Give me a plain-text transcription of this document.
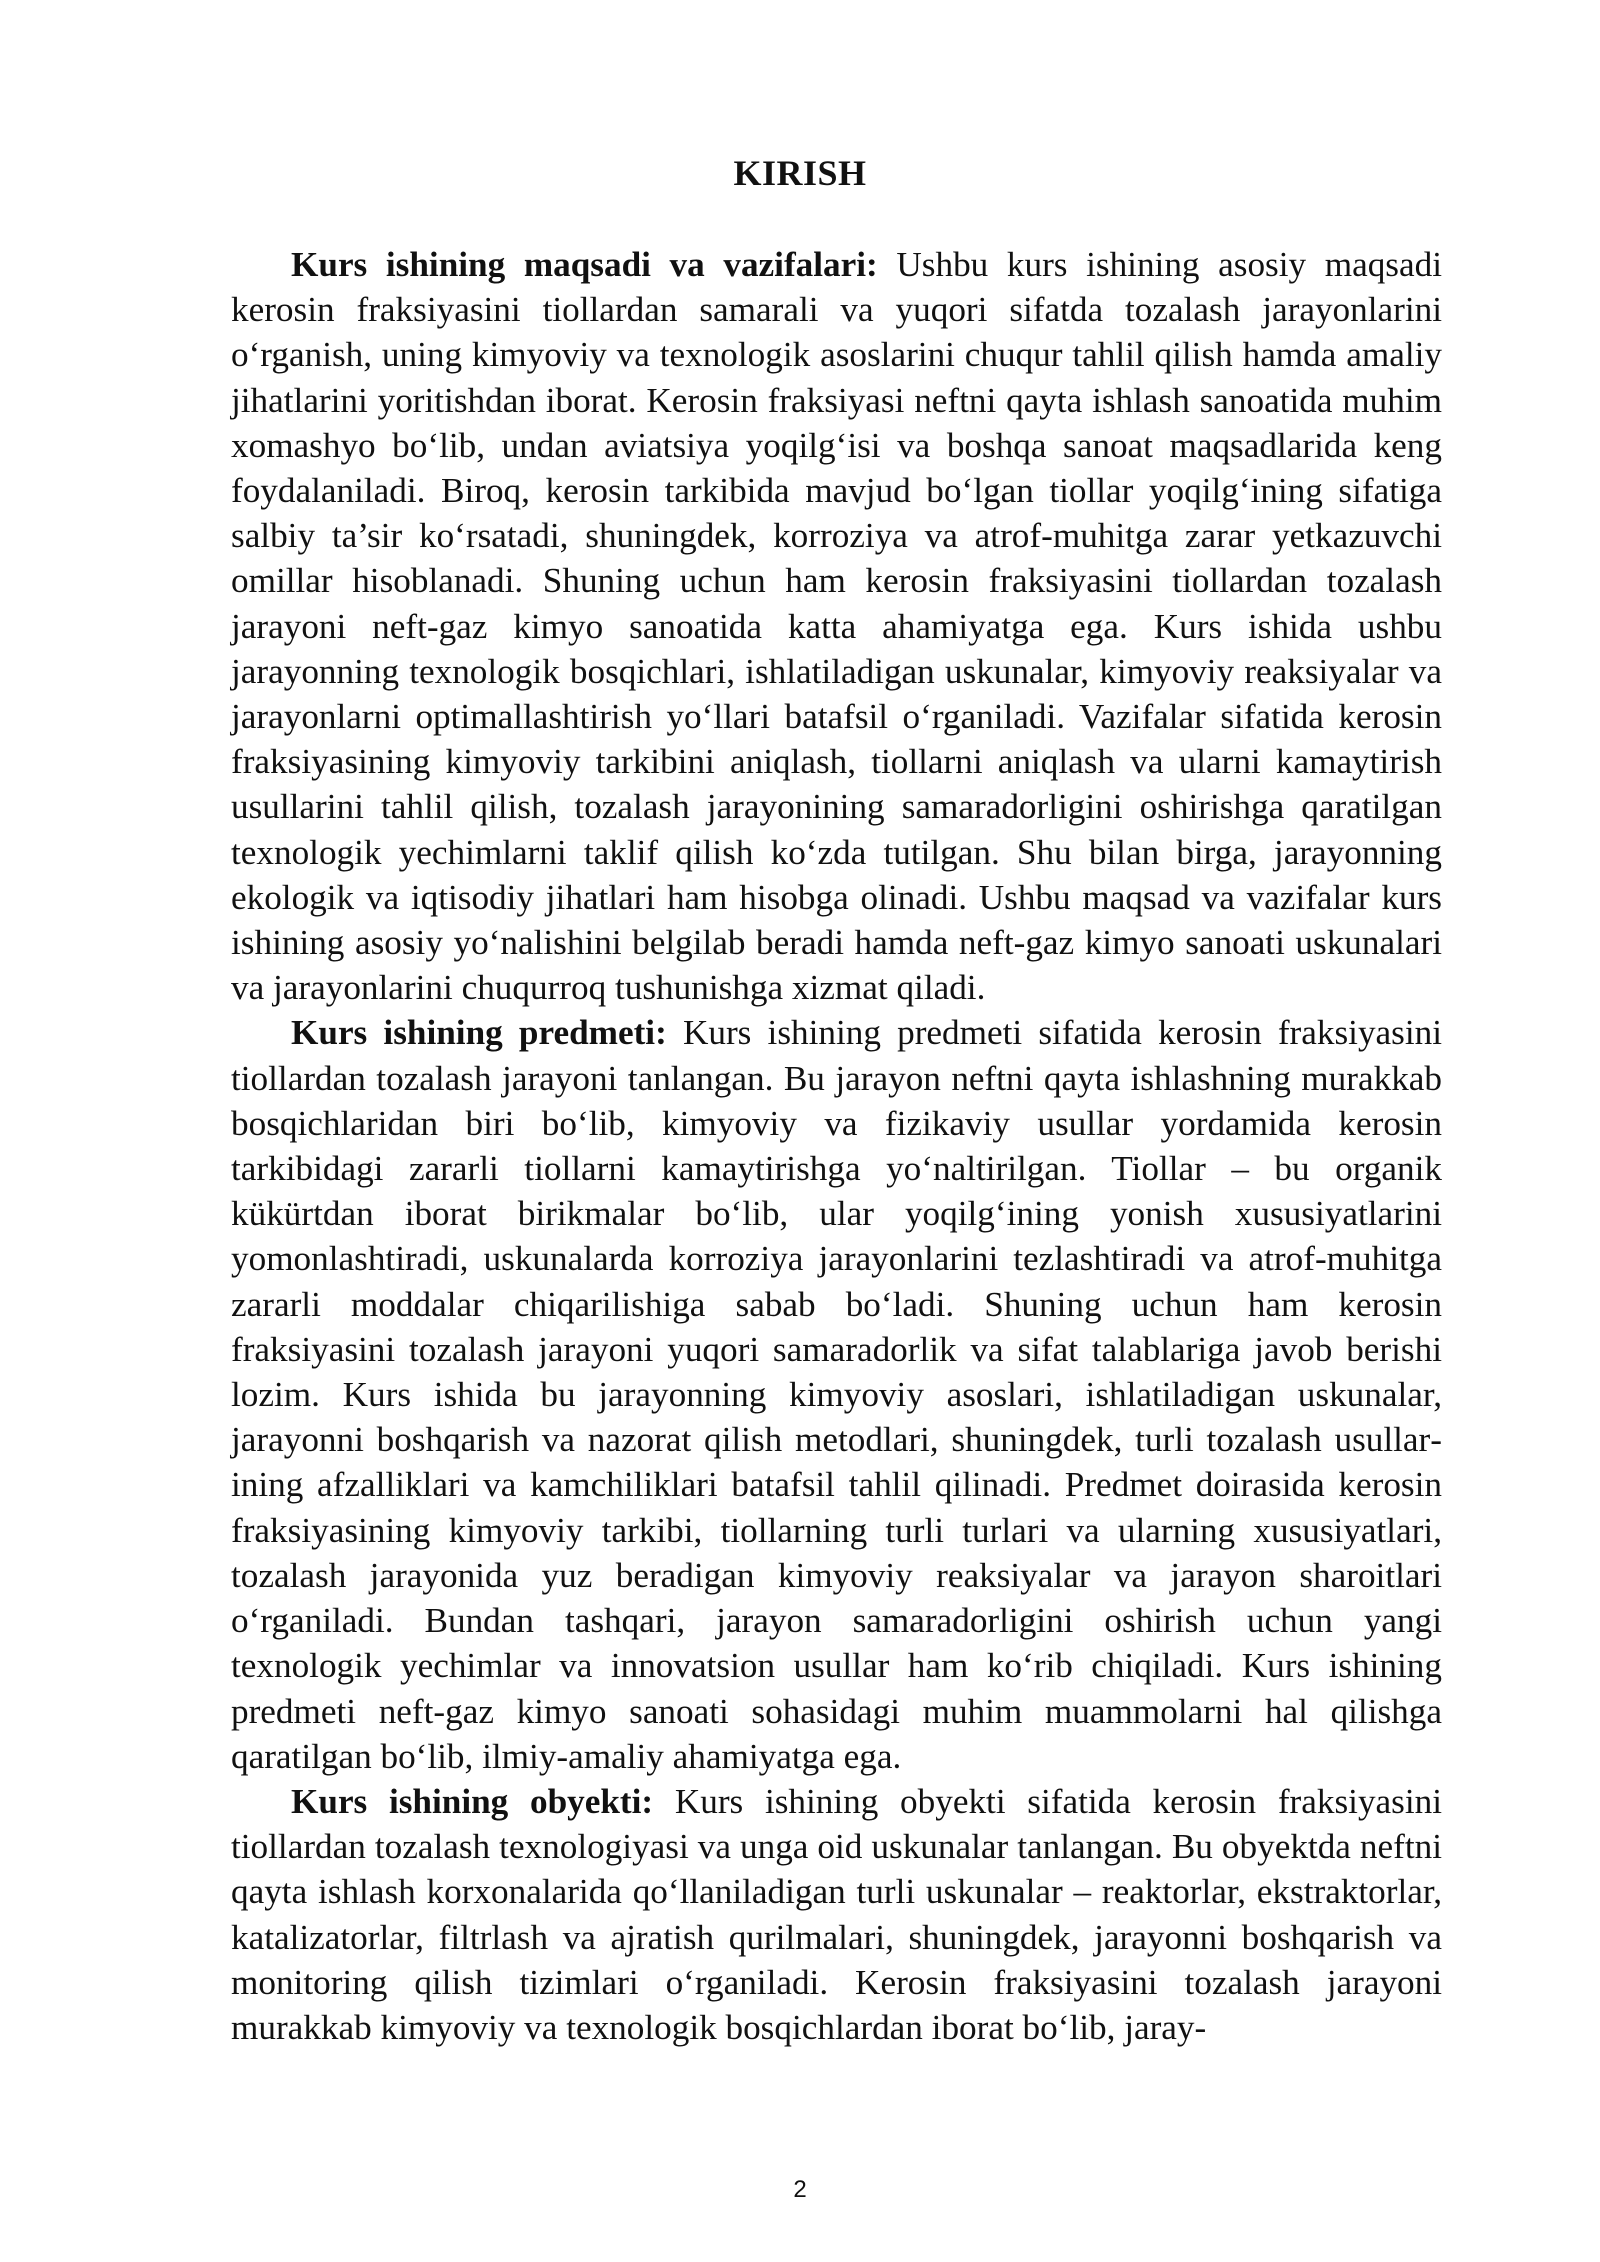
KIRISH

Kurs ishining maqsadi va vazifalari: Ushbu kurs ishining asosiy maqsadi kerosin fraksiyasini tiollardan samarali va yuqori sifatda tozalash jarayonlarini o‘rganish, uning kimyoviy va texnologik asoslarini chuqur tahlil qilish hamda amaliy jihatlarini yoritishdan iborat. Kerosin fraksiyasi neftni qayta ishlash sanoatida muhim xomashyo bo‘lib, undan aviatsiya yoqilg‘isi va boshqa sanoat maqsadlarida keng foydalaniladi. Biroq, kerosin tarkibida mavjud bo‘lgan tiollar yoqilg‘ining sifatiga salbiy ta’sir ko‘rsatadi, shuningdek, korroziya va atrof-muhitga zarar yetkazuvchi omillar hisoblanadi. Shuning uchun ham kerosin fraksiyasini tiollardan tozalash jarayoni neft-gaz kimyo sanoatida katta ahamiyatga ega. Kurs ishida ushbu jarayonning texnologik bosqichlari, ishlatiladigan uskunalar, kimyoviy reaksiyalar va jarayonlarni optimallashtirish yo‘llari batafsil o‘rganiladi. Vazifalar sifatida kerosin fraksiyasining kimyoviy tarkibini aniqlash, tiollarni aniqlash va ularni kamaytirish usullarini tahlil qilish, tozalash jarayonining samaradorligini oshirishga qaratilgan texnologik yechimlarni taklif qilish ko‘zda tutilgan. Shu bilan birga, jarayonning ekologik va iqtisodiy jihatlari ham hisobga olinadi. Ushbu maqsad va vazifalar kurs ishining asosiy yo‘nalishini belgilab beradi hamda neft-gaz kimyo sanoati uskunalari va jarayonlarini chuqurroq tushunishga xizmat qiladi.

Kurs ishining predmeti: Kurs ishining predmeti sifatida kerosin fraksiyasini tiollardan tozalash jarayoni tanlangan. Bu jarayon neftni qayta ishlashning murakkab bosqichlaridan biri bo‘lib, kimyoviy va fizikaviy usullar yordamida kerosin tarkibidagi zararli tiollarni kamaytirishga yo‘naltirilgan. Tiollar – bu organik kükürtdan iborat birikmalar bo‘lib, ular yoqilg‘ining yonish xususiyatlarini yomonlashtiradi, uskunalarda korroziya jarayonlarini tezlashtiradi va atrof-muhitga zararli moddalar chiqarilishiga sabab bo‘ladi. Shuning uchun ham kerosin fraksiyasini tozalash jarayoni yuqori samaradorlik va sifat talablariga javob berishi lozim. Kurs ishida bu jarayonning kimyoviy asoslari, ishlatiladigan uskunalar, jarayonni boshqarish va nazorat qilish metodlari, shuningdek, turli tozalash usullarining afzalliklari va kamchiliklari batafsil tahlil qilinadi. Predmet doirasida kerosin fraksiyasining kimyoviy tarkibi, tiollarning turli turlari va ularning xususiyatlari, tozalash jarayonida yuz beradigan kimyoviy reaksiyalar va jarayon sharoitlari o‘rganiladi. Bundan tashqari, jarayon samaradorligini oshirish uchun yangi texnologik yechimlar va innovatsion usullar ham ko‘rib chiqiladi. Kurs ishining predmeti neft-gaz kimyo sanoati sohasidagi muhim muammolarni hal qilishga qaratilgan bo‘lib, ilmiy-amaliy ahamiyatga ega.

Kurs ishining obyekti: Kurs ishining obyekti sifatida kerosin fraksiyasini tiollardan tozalash texnologiyasi va unga oid uskunalar tanlangan. Bu obyektda neftni qayta ishlash korxonalarida qo‘llaniladigan turli uskunalar – reaktorlar, ekstraktorlar, katalizatorlar, filtrlash va ajratish qurilmalari, shuningdek, jarayonni boshqarish va monitoring qilish tizimlari o‘rganiladi. Kerosin fraksiyasini tozalash jarayoni murakkab kimyoviy va texnologik bosqichlardan iborat bo‘lib, jaray-

2
